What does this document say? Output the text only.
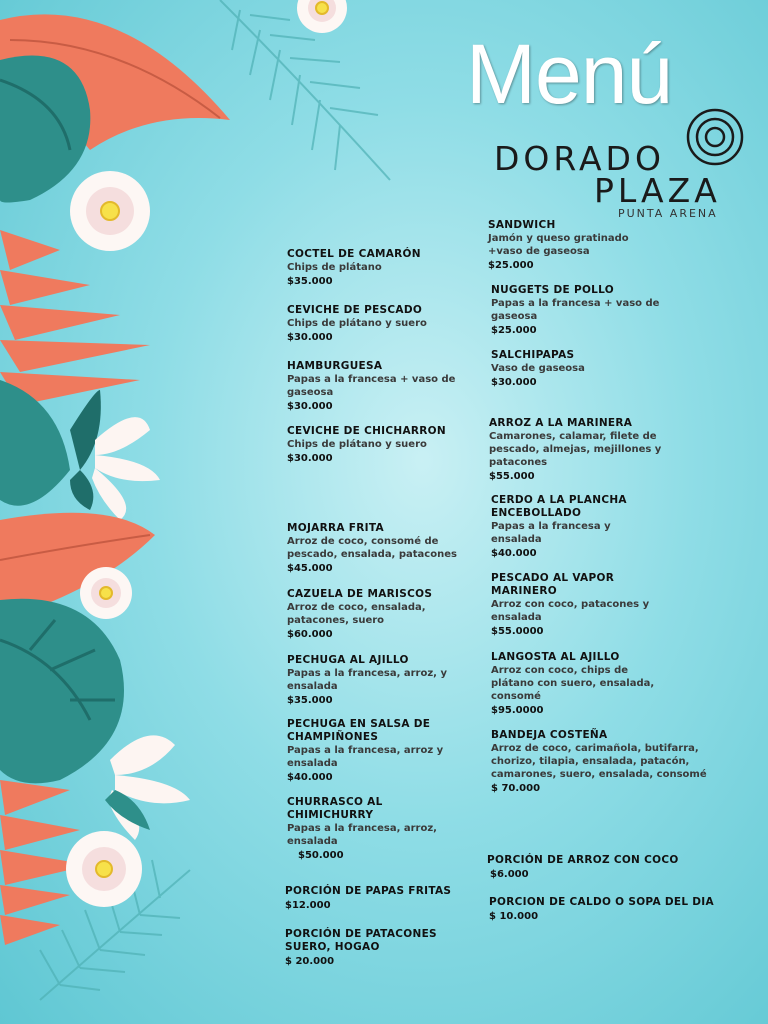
Menú
DORADO
PLAZA
PUNTA ARENA
COCTEL DE CAMARÓN
Chips de plátano
$35.000
CEVICHE DE PESCADO
Chips de plátano y suero
$30.000
HAMBURGUESA
Papas a la francesa + vaso de gaseosa
$30.000
CEVICHE DE CHICHARRON
Chips de plátano y suero
$30.000
MOJARRA FRITA
Arroz de coco, consomé de pescado, ensalada, patacones
$45.000
CAZUELA DE MARISCOS
Arroz de coco, ensalada, patacones, suero
$60.000
PECHUGA AL AJILLO
Papas a la francesa, arroz, y ensalada
$35.000
PECHUGA EN SALSA DE CHAMPIÑONES
Papas a la francesa, arroz y ensalada
$40.000
CHURRASCO AL CHIMICHURRY
Papas a la francesa, arroz, ensalada
$50.000
PORCIÓN DE PAPAS FRITAS
$12.000
PORCIÓN DE PATACONES SUERO, HOGAO
$ 20.000
SANDWICH
Jamón y queso gratinado +vaso de gaseosa
$25.000
NUGGETS DE POLLO
Papas a la francesa + vaso de gaseosa
$25.000
SALCHIPAPAS
Vaso de gaseosa
$30.000
ARROZ A LA MARINERA
Camarones, calamar, filete de pescado, almejas, mejillones y patacones
$55.000
CERDO A LA PLANCHA ENCEBOLLADO
Papas a la francesa y ensalada
$40.000
PESCADO AL VAPOR MARINERO
Arroz con coco, patacones y ensalada
$55.0000
LANGOSTA AL AJILLO
Arroz con coco, chips de plátano con suero, ensalada, consomé
$95.0000
BANDEJA COSTEÑA
Arroz de coco, carimañola, butifarra, chorizo, tilapia, ensalada, patacón, camarones, suero, ensalada, consomé
$ 70.000
PORCIÓN DE ARROZ CON COCO
$6.000
PORCION DE CALDO O SOPA DEL DIA
$ 10.000
